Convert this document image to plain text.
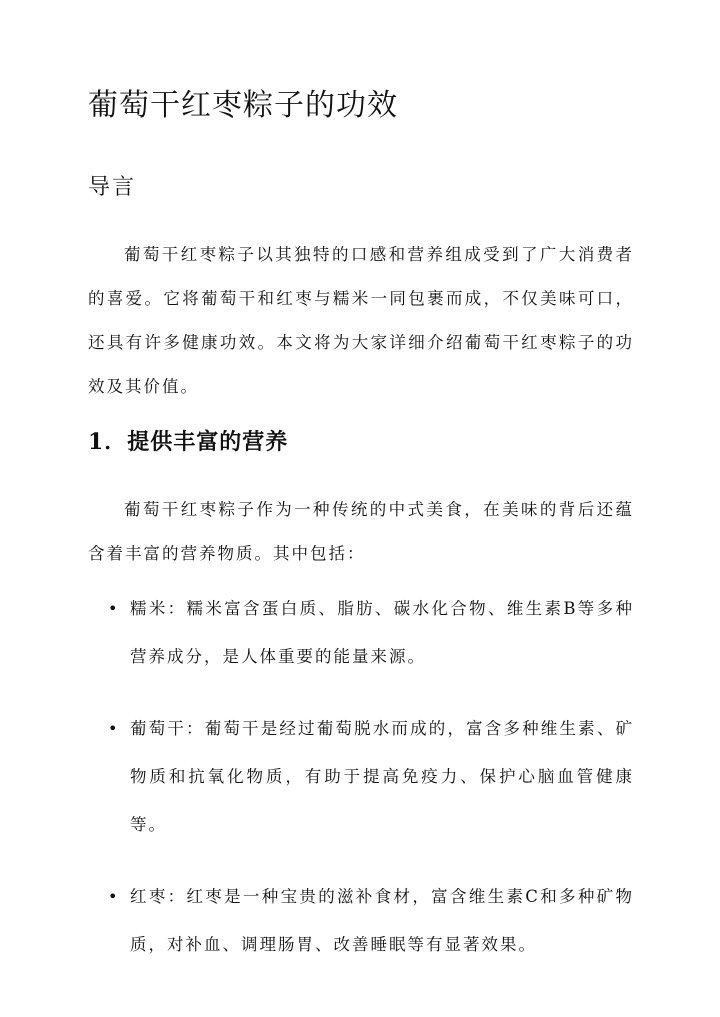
葡萄干红枣粽子的功效
导言

葡萄干红枣粽子以其独特的口感和营养组成受到了广大消费者的喜爱。它将葡萄干和红枣与糯米一同包裹而成，不仅美味可口，还具有许多健康功效。本文将为大家详细介绍葡萄干红枣粽子的功效及其价值。

1．提供丰富的营养

葡萄干红枣粽子作为一种传统的中式美食，在美味的背后还蕴含着丰富的营养物质。其中包括：

• 糯米：糯米富含蛋白质、脂肪、碳水化合物、维生素B等多种营养成分，是人体重要的能量来源。
• 葡萄干：葡萄干是经过葡萄脱水而成的，富含多种维生素、矿物质和抗氧化物质，有助于提高免疫力、保护心脑血管健康等。
• 红枣：红枣是一种宝贵的滋补食材，富含维生素C和多种矿物质，对补血、调理肠胃、改善睡眠等有显著效果。
